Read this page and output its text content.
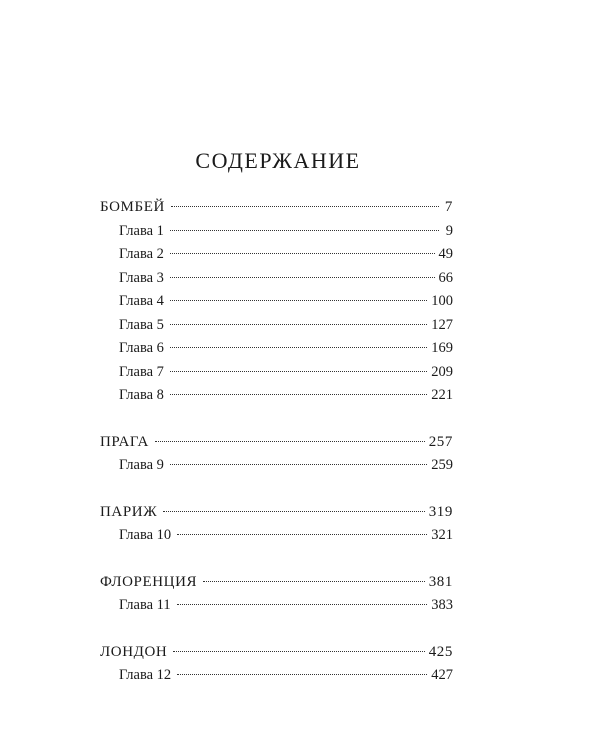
СОДЕРЖАНИЕ
БОМБЕЙ	7
Глава 1	9
Глава 2	49
Глава 3	66
Глава 4	100
Глава 5	127
Глава 6	169
Глава 7	209
Глава 8	221
ПРАГА	257
Глава 9	259
ПАРИЖ	319
Глава 10	321
ФЛОРЕНЦИЯ	381
Глава 11	383
ЛОНДОН	425
Глава 12	427
